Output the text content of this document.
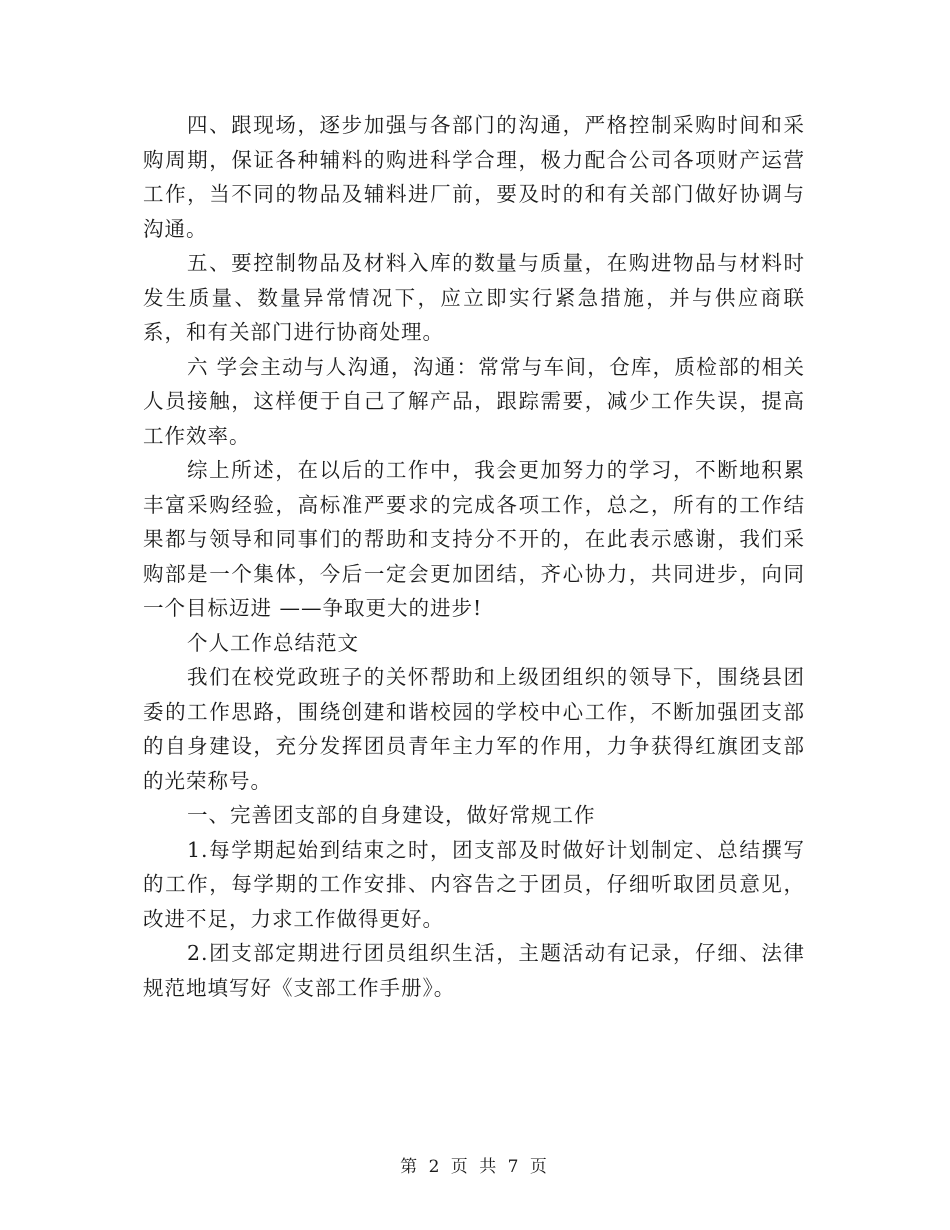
四、跟现场，逐步加强与各部门的沟通，严格控制采购时间和采购周期，保证各种辅料的购进科学合理，极力配合公司各项财产运营工作，当不同的物品及辅料进厂前，要及时的和有关部门做好协调与沟通。

五、要控制物品及材料入库的数量与质量，在购进物品与材料时发生质量、数量异常情况下，应立即实行紧急措施，并与供应商联系，和有关部门进行协商处理。

六 学会主动与人沟通，沟通：常常与车间，仓库，质检部的相关人员接触，这样便于自己了解产品，跟踪需要，减少工作失误，提高工作效率。

综上所述，在以后的工作中，我会更加努力的学习，不断地积累丰富采购经验，高标准严要求的完成各项工作，总之，所有的工作结果都与领导和同事们的帮助和支持分不开的，在此表示感谢，我们采购部是一个集体，今后一定会更加团结，齐心协力，共同进步，向同一个目标迈进 ——争取更大的进步!

个人工作总结范文

我们在校党政班子的关怀帮助和上级团组织的领导下，围绕县团委的工作思路，围绕创建和谐校园的学校中心工作，不断加强团支部的自身建设，充分发挥团员青年主力军的作用，力争获得红旗团支部的光荣称号。

一、完善团支部的自身建设，做好常规工作

1.每学期起始到结束之时，团支部及时做好计划制定、总结撰写的工作，每学期的工作安排、内容告之于团员，仔细听取团员意见，改进不足，力求工作做得更好。

2.团支部定期进行团员组织生活，主题活动有记录，仔细、法律规范地填写好《支部工作手册》。

第 2 页 共 7 页
